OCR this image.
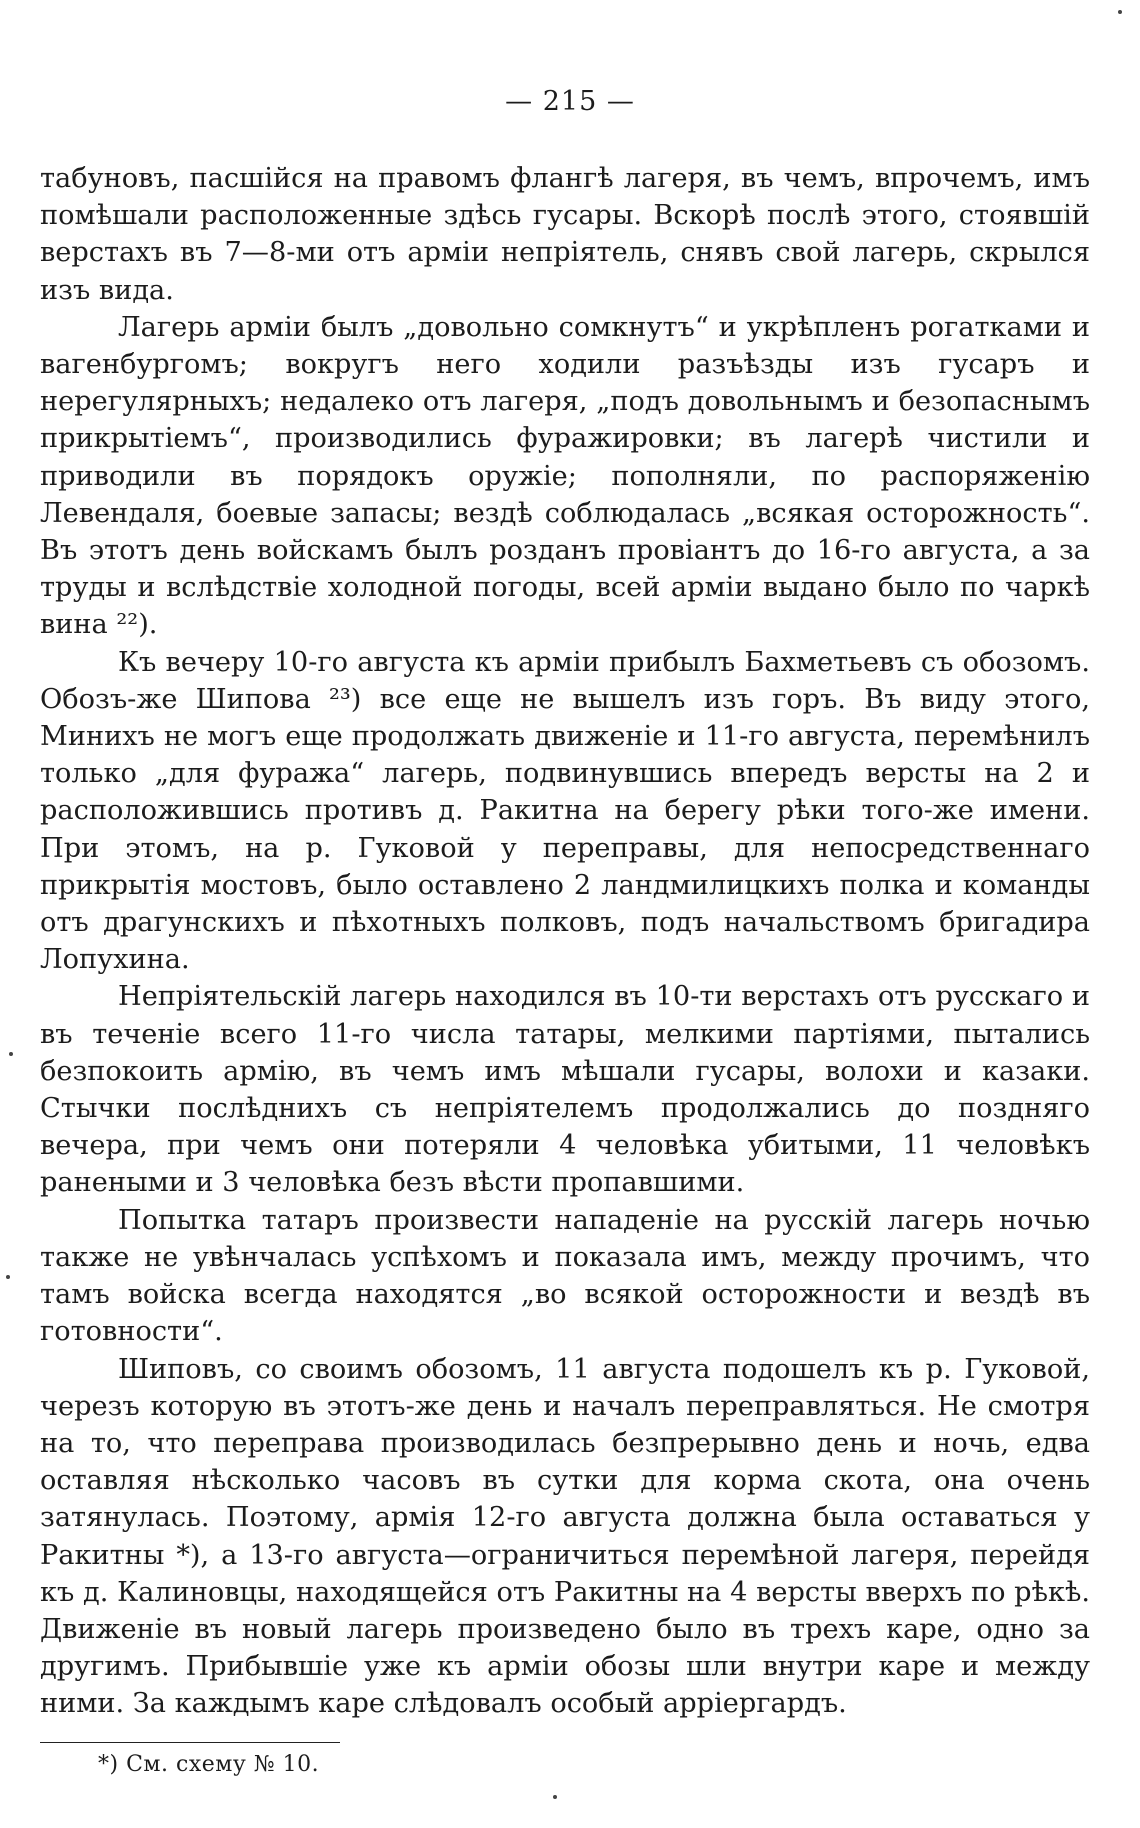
— 215 —

табуновъ, пасшійся на правомъ флангѣ лагеря, въ чемъ, впрочемъ, имъ помѣшали расположенные здѣсь гусары. Вскорѣ послѣ этого, стоявшій верстахъ въ 7—8-ми отъ арміи непріятель, снявъ свой лагерь, скрылся изъ вида.

Лагерь арміи былъ „довольно сомкнутъ“ и укрѣпленъ рогатками и вагенбургомъ; вокругъ него ходили разъѣзды изъ гусаръ и нерегулярныхъ; недалеко отъ лагеря, „подъ довольнымъ и безопаснымъ прикрытіемъ“, производились фуражировки; въ лагерѣ чистили и приводили въ порядокъ оружіе; пополняли, по распоряженію Левендаля, боевые запасы; вездѣ соблюдалась „всякая осторожность“. Въ этотъ день войскамъ былъ розданъ провіантъ до 16-го августа, а за труды и вслѣдствіе холодной погоды, всей арміи выдано было по чаркѣ вина ²²).

Къ вечеру 10-го августа къ арміи прибылъ Бахметьевъ съ обозомъ. Обозъ-же Шипова ²³) все еще не вышелъ изъ горъ. Въ виду этого, Минихъ не могъ еще продолжать движеніе и 11-го августа, перемѣнилъ только „для фуража“ лагерь, подвинувшись впередъ версты на 2 и расположившись противъ д. Ракитна на берегу рѣки того-же имени. При этомъ, на р. Гуковой у переправы, для непосредственнаго прикрытія мостовъ, было оставлено 2 ландмилицкихъ полка и команды отъ драгунскихъ и пѣхотныхъ полковъ, подъ начальствомъ бригадира Лопухина.

Непріятельскій лагерь находился въ 10-ти верстахъ отъ русскаго и въ теченіе всего 11-го числа татары, мелкими партіями, пытались безпокоить армію, въ чемъ имъ мѣшали гусары, волохи и казаки. Стычки послѣднихъ съ непріятелемъ продолжались до поздняго вечера, при чемъ они потеряли 4 человѣка убитыми, 11 человѣкъ ранеными и 3 человѣка безъ вѣсти пропавшими.

Попытка татаръ произвести нападеніе на русскій лагерь ночью также не увѣнчалась успѣхомъ и показала имъ, между прочимъ, что тамъ войска всегда находятся „во всякой осторожности и вездѣ въ готовности“.

Шиповъ, со своимъ обозомъ, 11 августа подошелъ къ р. Гуковой, черезъ которую въ этотъ-же день и началъ переправляться. Не смотря на то, что переправа производилась безпрерывно день и ночь, едва оставляя нѣсколько часовъ въ сутки для корма скота, она очень затянулась. Поэтому, армія 12-го августа должна была оставаться у Ракитны *), а 13-го августа—ограничиться перемѣной лагеря, перейдя къ д. Калиновцы, находящейся отъ Ракитны на 4 версты вверхъ по рѣкѣ. Движеніе въ новый лагерь произведено было въ трехъ каре, одно за другимъ. Прибывшіе уже къ арміи обозы шли внутри каре и между ними. За каждымъ каре слѣдовалъ особый арріергардъ.

*) См. схему № 10.
